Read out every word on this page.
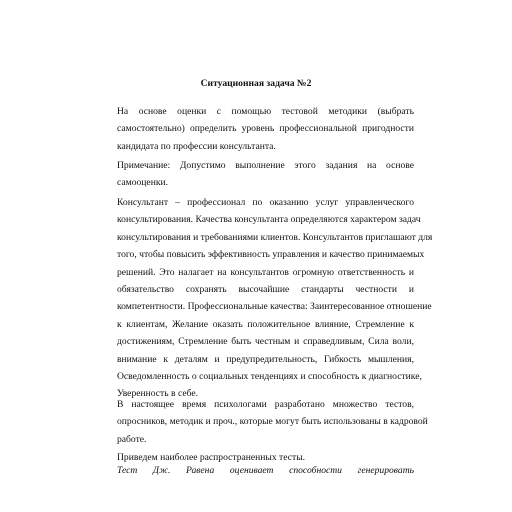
Ситуационная задача №2
На основе оценки с помощью тестовой методики (выбрать
самостоятельно) определить уровень профессиональной пригодности
кандидата по профессии консультанта.
Примечание: Допустимо выполнение этого задания на основе
самооценки.
Консультант – профессионал по оказанию услуг управленческого
консультирования. Качества консультанта определяются характером задач
консультирования и требованиями клиентов. Консультантов приглашают для
того, чтобы повысить эффективность управления и качество принимаемых
решений. Это налагает на консультантов огромную ответственность и
обязательство сохранять высочайшие стандарты честности и
компетентности. Профессиональные качества: Заинтересованное отношение
к клиентам, Желание оказать положительное влияние, Стремление к
достижениям, Стремление быть честным и справедливым, Сила воли,
внимание к деталям и предупредительность, Гибкость мышления,
Осведомленность о социальных тенденциях и способность к диагностике,
Уверенность в себе.
В настоящее время психологами разработано множество тестов,
опросников, методик и проч., которые могут быть использованы в кадровой
работе.
Приведем наиболее распространенных тесты.
Тест Дж. Равена оценивает способности генерировать
